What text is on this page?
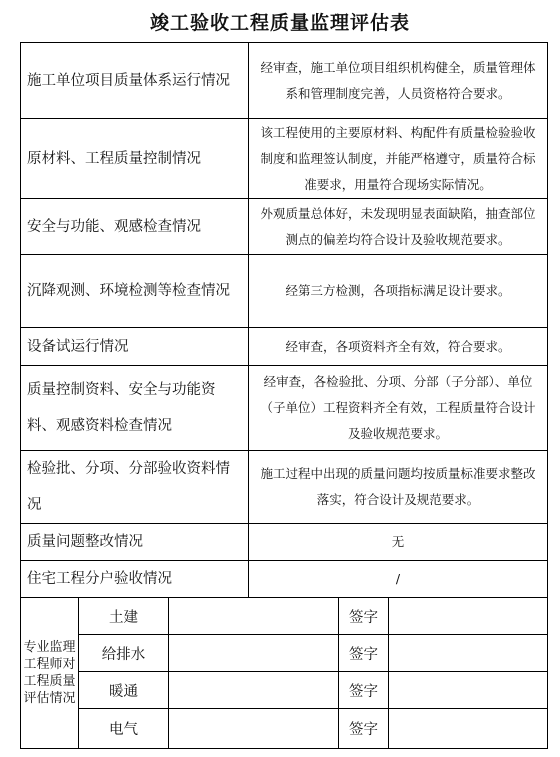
竣工验收工程质量监理评估表
施工单位项目质量体系运行情况			经审查，施工单位项目组织机构健全，质量管理体系和管理制度完善，人员资格符合要求。		
原材料、工程质量控制情况			该工程使用的主要原材料、构配件有质量检验验收制度和监理签认制度，并能严格遵守，质量符合标准要求，用量符合现场实际情况。		
安全与功能、观感检查情况			外观质量总体好，未发现明显表面缺陷，抽查部位测点的偏差均符合设计及验收规范要求。		
沉降观测、环境检测等检查情况			经第三方检测，各项指标满足设计要求。		
设备试运行情况			经审查，各项资料齐全有效，符合要求。		
质量控制资料、安全与功能资料、观感资料检查情况			经审查，各检验批、分项、分部（子分部）、单位（子单位）工程资料齐全有效，工程质量符合设计及验收规范要求。		
检验批、分项、分部验收资料情况			施工过程中出现的质量问题均按质量标准要求整改落实，符合设计及规范要求。		
质量问题整改情况			无		
住宅工程分户验收情况			/		
专业监理工程师对工程质量评估情况	土建			签字	
	给排水			签字	
	暖通			签字	
	电气			签字	
